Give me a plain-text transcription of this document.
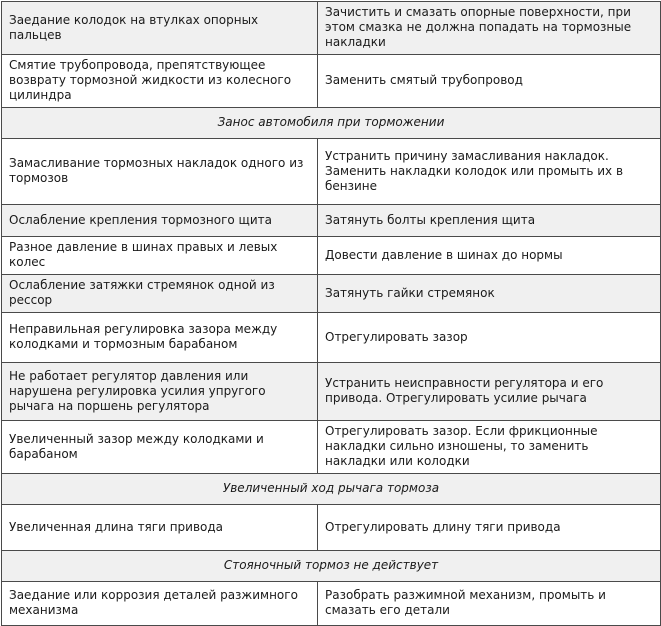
Заедание колодок на втулках опорных пальцев	Зачистить и смазать опорные поверхности, при этом смазка не должна попадать на тормозные накладки
Смятие трубопровода, препятствующее возврату тормозной жидкости из колесного цилиндра	Заменить смятый трубопровод
Занос автомобиля при торможении	
Замасливание тормозных накладок одного из тормозов	Устранить причину замасливания накладок. Заменить накладки колодок или промыть их в бензине
Ослабление крепления тормозного щита	Затянуть болты крепления щита
Разное давление в шинах правых и левых колес	Довести давление в шинах до нормы
Ослабление затяжки стремянок одной из рессор	Затянуть гайки стремянок
Неправильная регулировка зазора между колодками и тормозным барабаном	Отрегулировать зазор
Не работает регулятор давления или нарушена регулировка усилия упругого рычага на поршень регулятора	Устранить неисправности регулятора и его привода. Отрегулировать усилие рычага
Увеличенный зазор между колодками и барабаном	Отрегулировать зазор. Если фрикционные накладки сильно изношены, то заменить накладки или колодки
Увеличенный ход рычага тормоза	
Увеличенная длина тяги привода	Отрегулировать длину тяги привода
Стояночный тормоз не действует	
Заедание или коррозия деталей разжимного механизма	Разобрать разжимной механизм, промыть и смазать его детали
